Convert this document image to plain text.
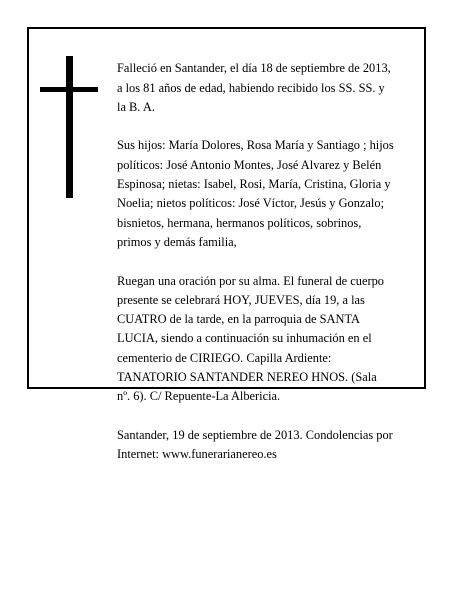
Falleció en Santander, el día 18 de septiembre de 2013,
a los 81 años de edad, habiendo recibido los SS. SS. y
la B. A.

Sus hijos: María Dolores, Rosa María y Santiago ; hijos
políticos: José Antonio Montes, José Alvarez y Belén
Espinosa; nietas: Isabel, Rosi, María, Cristina, Gloria y
Noelia; nietos políticos: José Víctor, Jesús y Gonzalo;
bisnietos, hermana, hermanos políticos, sobrinos,
primos y demás familia,

Ruegan una oración por su alma. El funeral de cuerpo
presente se celebrará HOY, JUEVES, día 19, a las
CUATRO de la tarde, en la parroquia de SANTA
LUCIA, siendo a continuación su inhumación en el
cementerio de CIRIEGO. Capilla Ardiente:
TANATORIO SANTANDER NEREO HNOS. (Sala
nº. 6). C/ Repuente-La Albericia.

Santander, 19 de septiembre de 2013. Condolencias por
Internet: www.funerarianereo.es
